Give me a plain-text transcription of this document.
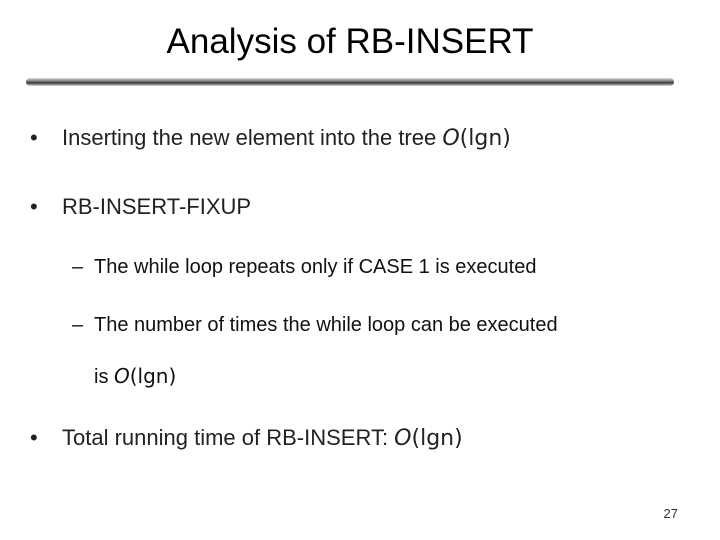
Analysis of RB-INSERT
• Inserting the new element into the tree O(lgn)
• RB-INSERT-FIXUP
– The while loop repeats only if CASE 1 is executed
– The number of times the while loop can be executed
is O(lgn)
• Total running time of RB-INSERT: O(lgn)
27
